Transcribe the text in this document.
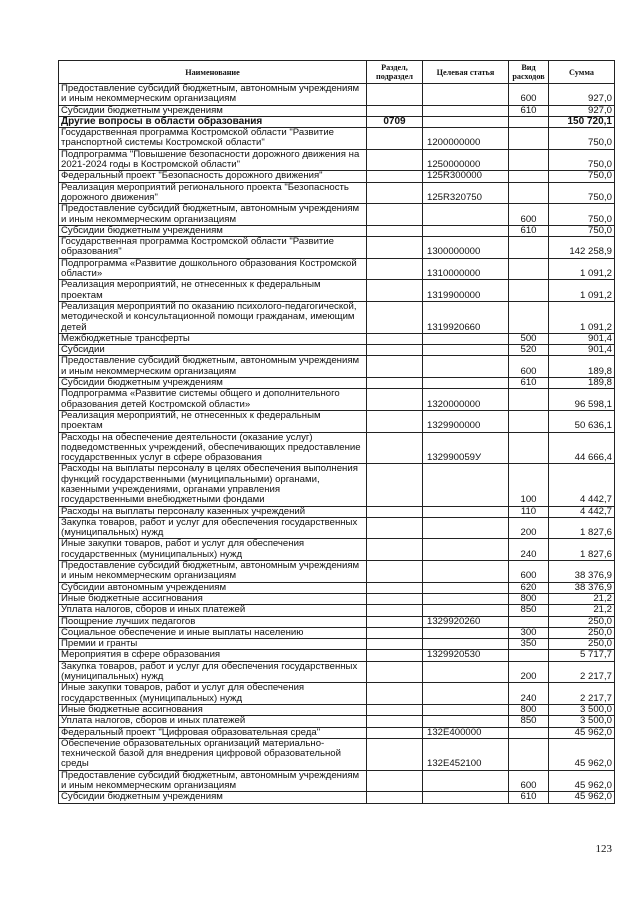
Наименование	Раздел, подраздел	Целевая статья	Вид расходов	Сумма
Предоставление субсидий бюджетным, автономным учреждениям и иным некоммерческим организациям			600	927,0
Субсидии бюджетным учреждениям			610	927,0
Другие вопросы в области образования	0709			150 720,1
Государственная программа Костромской области "Развитие транспортной системы Костромской области"		1200000000		750,0
Подпрограмма "Повышение безопасности дорожного движения на 2021-2024 годы в Костромской области"		1250000000		750,0
Федеральный проект "Безопасность дорожного движения"		125R300000		750,0
Реализация мероприятий регионального проекта "Безопасность дорожного движения"		125R320750		750,0
Предоставление субсидий бюджетным, автономным учреждениям и иным некоммерческим организациям			600	750,0
Субсидии бюджетным учреждениям			610	750,0
Государственная программа Костромской области "Развитие образования"		1300000000		142 258,9
Подпрограмма «Развитие дошкольного образования Костромской области»		1310000000		1 091,2
Реализация мероприятий, не отнесенных к федеральным проектам		1319900000		1 091,2
Реализация мероприятий по оказанию психолого-педагогической, методической и консультационной помощи гражданам, имеющим детей		1319920660		1 091,2
Межбюджетные трансферты			500	901,4
Субсидии			520	901,4
Предоставление субсидий бюджетным, автономным учреждениям и иным некоммерческим организациям			600	189,8
Субсидии бюджетным учреждениям			610	189,8
Подпрограмма «Развитие системы общего и дополнительного образования детей Костромской области»		1320000000		96 598,1
Реализация мероприятий, не отнесенных к федеральным проектам		1329900000		50 636,1
Расходы на обеспечение деятельности (оказание услуг) подведомственных учреждений, обеспечивающих предоставление государственных услуг в сфере образования		132990059У		44 666,4
Расходы на выплаты персоналу в целях обеспечения выполнения функций государственными (муниципальными) органами, казенными учреждениями, органами управления государственными внебюджетными фондами			100	4 442,7
Расходы на выплаты персоналу казенных учреждений			110	4 442,7
Закупка товаров, работ и услуг для обеспечения государственных (муниципальных) нужд			200	1 827,6
Иные закупки товаров, работ и услуг для обеспечения государственных (муниципальных) нужд			240	1 827,6
Предоставление субсидий бюджетным, автономным учреждениям и иным некоммерческим организациям			600	38 376,9
Субсидии автономным учреждениям			620	38 376,9
Иные бюджетные ассигнования			800	21,2
Уплата налогов, сборов и иных платежей			850	21,2
Поощрение лучших педагогов		1329920260		250,0
Социальное обеспечение и иные выплаты населению			300	250,0
Премии и гранты			350	250,0
Мероприятия в сфере образования		1329920530		5 717,7
Закупка товаров, работ и услуг для обеспечения государственных (муниципальных) нужд			200	2 217,7
Иные закупки товаров, работ и услуг для обеспечения государственных (муниципальных) нужд			240	2 217,7
Иные бюджетные ассигнования			800	3 500,0
Уплата налогов, сборов и иных платежей			850	3 500,0
Федеральный проект "Цифровая образовательная среда"		132E400000		45 962,0
Обеспечение образовательных организаций материально-технической базой для внедрения цифровой образовательной среды		132E452100		45 962,0
Предоставление субсидий бюджетным, автономным учреждениям и иным некоммерческим организациям			600	45 962,0
Субсидии бюджетным учреждениям			610	45 962,0
123
